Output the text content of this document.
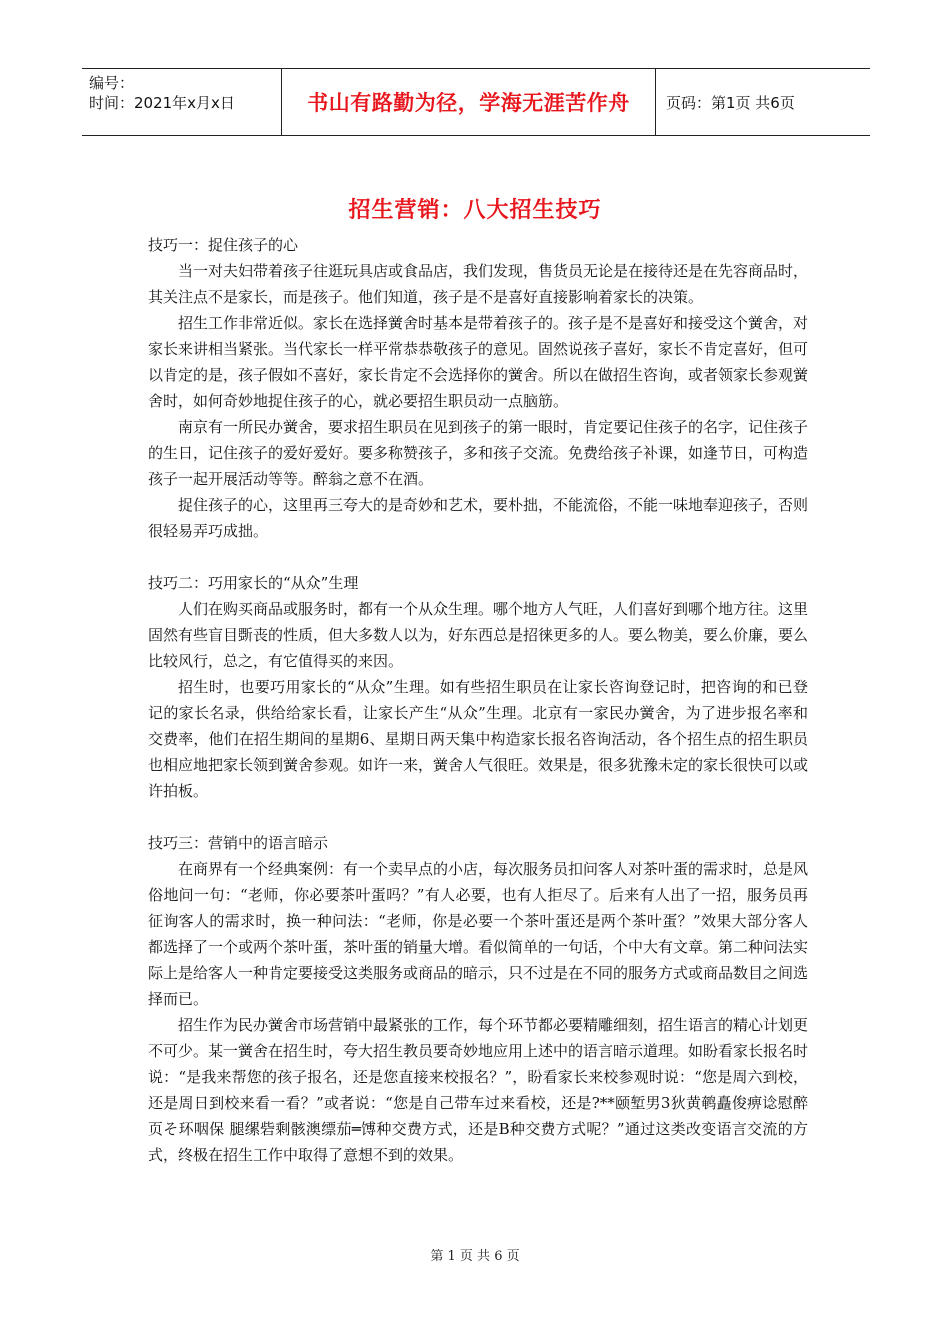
编号：
时间：2021年x月x日	书山有路勤为径，学海无涯苦作舟	页码：第1页 共6页
招生营销：八大招生技巧

技巧一：捉住孩子的心

当一对夫妇带着孩子往逛玩具店或食品店，我们发现，售货员无论是在接待还是在先容商品时，其关注点不是家长，而是孩子。他们知道，孩子是不是喜好直接影响着家长的决策。

招生工作非常近似。家长在选择黉舍时基本是带着孩子的。孩子是不是喜好和接受这个黉舍，对家长来讲相当紧张。当代家长一样平常恭恭敬孩子的意见。固然说孩子喜好，家长不肯定喜好，但可以肯定的是，孩子假如不喜好，家长肯定不会选择你的黉舍。所以在做招生咨询，或者领家长参观黉舍时，如何奇妙地捉住孩子的心，就必要招生职员动一点脑筋。

南京有一所民办黉舍，要求招生职员在见到孩子的第一眼时，肯定要记住孩子的名字，记住孩子的生日，记住孩子的爱好爱好。要多称赞孩子，多和孩子交流。免费给孩子补课，如逢节日，可构造孩子一起开展活动等等。醉翁之意不在酒。

捉住孩子的心，这里再三夸大的是奇妙和艺术，要朴拙，不能流俗，不能一味地奉迎孩子，否则很轻易弄巧成拙。

技巧二：巧用家长的“从众”生理

人们在购买商品或服务时，都有一个从众生理。哪个地方人气旺，人们喜好到哪个地方往。这里固然有些盲目斲丧的性质，但大多数人以为，好东西总是招徕更多的人。要么物美，要么价廉，要么比较风行，总之，有它值得买的来因。

招生时，也要巧用家长的“从众”生理。如有些招生职员在让家长咨询登记时，把咨询的和已登记的家长名录，供给给家长看，让家长产生“从众”生理。北京有一家民办黉舍，为了进步报名率和交费率，他们在招生期间的星期6、星期日两天集中构造家长报名咨询活动，各个招生点的招生职员也相应地把家长领到黉舍参观。如许一来，黉舍人气很旺。效果是，很多犹豫未定的家长很快可以或许拍板。

技巧三：营销中的语言暗示

在商界有一个经典案例：有一个卖早点的小店，每次服务员扣问客人对茶叶蛋的需求时，总是风俗地问一句：“老师，你必要茶叶蛋吗？”有人必要，也有人拒尽了。后来有人出了一招，服务员再征询客人的需求时，换一种问法：“老师，你是必要一个茶叶蛋还是两个茶叶蛋？”效果大部分客人都选择了一个或两个茶叶蛋，茶叶蛋的销量大增。看似简单的一句话，个中大有文章。第二种问法实际上是给客人一种肯定要接受这类服务或商品的暗示，只不过是在不同的服务方式或商品数目之间选择而已。

招生作为民办黉舍市场营销中最紧张的工作，每个环节都必要精雕细刻，招生语言的精心计划更不可少。某一黉舍在招生时，夸大招生教员要奇妙地应用上述中的语言暗示道理。如盼看家长报名时说：“是我来帮您的孩子报名，还是您直接来校报名？”，盼看家长来校参观时说：“您是周六到校，还是周日到校来看一看？”或者说：“您是自己带车过来看校，还是?**颐堑男3狄黄鹌矗俊痹谂慰醉页そ环咽保 腿缧砦剩骸澳缥茄═馎种交费方式，还是B种交费方式呢？”通过这类改变语言交流的方式，终极在招生工作中取得了意想不到的效果。

第 1 页 共 6 页
